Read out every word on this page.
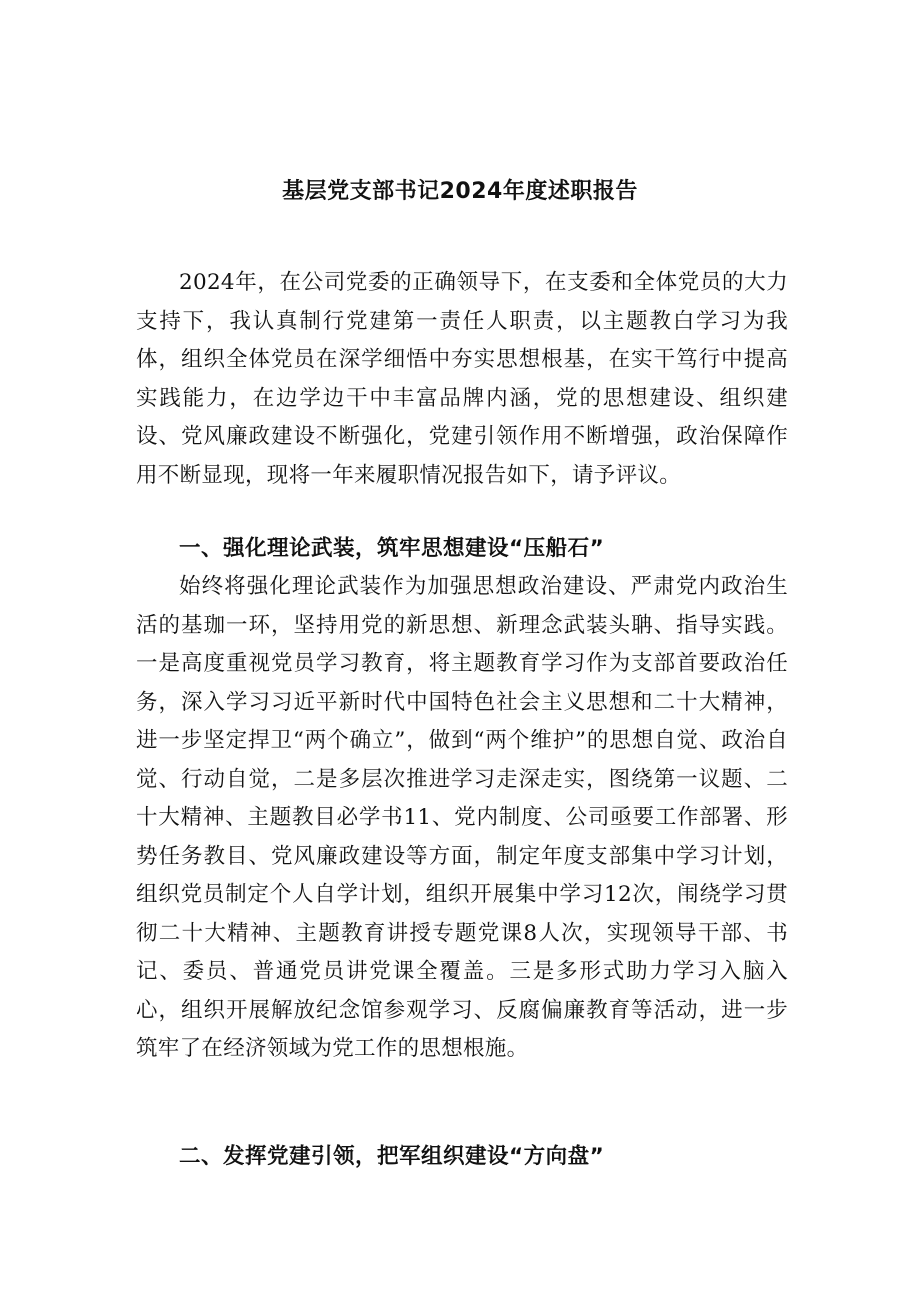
基层党支部书记2024年度述职报告

2024年，在公司党委的正确领导下，在支委和全体党员的大力支持下，我认真制行党建第一责任人职责，以主题教白学习为我体，组织全体党员在深学细悟中夯实思想根基，在实干笃行中提高实践能力，在边学边干中丰富品牌内涵，党的思想建设、组织建设、党风廉政建设不断强化，党建引领作用不断增强，政治保障作用不断显现，现将一年来履职情况报告如下，请予评议。

一、强化理论武装，筑牢思想建设“压船石”

始终将强化理论武装作为加强思想政治建设、严肃党内政治生活的基珈一环，坚持用党的新思想、新理念武装头聃、指导实践。一是高度重视党员学习教育，将主题教育学习作为支部首要政治任务，深入学习习近平新时代中国特色社会主义思想和二十大精神，进一步坚定捍卫“两个确立”，做到“两个维护”的思想自觉、政治自觉、行动自觉，二是多层次推进学习走深走实，图绕第一议题、二十大精神、主题教目必学书11、党内制度、公司亟要工作部署、形势任务教目、党风廉政建设等方面，制定年度支部集中学习计划，组织党员制定个人自学计划，组织开展集中学习12次，闱绕学习贯彻二十大精神、主题教育讲授专题党课8人次，实现领导干部、书记、委员、普通党员讲党课全覆盖。三是多形式助力学习入脑入心，组织开展解放纪念馆参观学习、反腐偏廉教育等活动，进一步筑牢了在经济领域为党工作的思想根施。

二、发挥党建引领，把军组织建设“方向盘”
